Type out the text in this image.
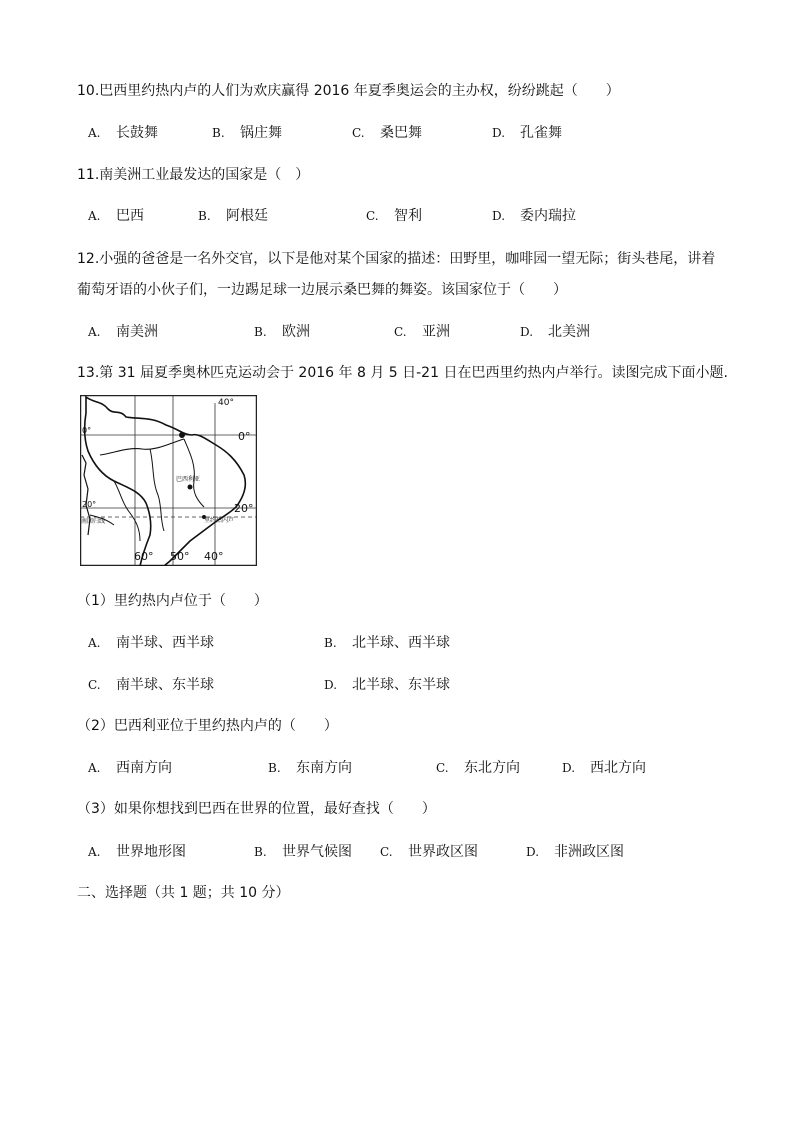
10.巴西里约热内卢的人们为欢庆赢得 2016 年夏季奥运会的主办权，纷纷跳起（　　）
A. 长鼓舞	B. 锅庄舞	C. 桑巴舞	D. 孔雀舞
11.南美洲工业最发达的国家是（　）
A. 巴西	B. 阿根廷	C. 智利	D. 委内瑞拉
12.小强的爸爸是一名外交官，以下是他对某个国家的描述：田野里，咖啡园一望无际；街头巷尾，讲着
葡萄牙语的小伙子们，一边踢足球一边展示桑巴舞的舞姿。该国家位于（　　）
A. 南美洲	B. 欧洲	C. 亚洲	D. 北美洲
13.第 31 届夏季奥林匹克运动会于 2016 年 8 月 5 日-21 日在巴西里约热内卢举行。读图完成下面小题.
40°
0°	0°
20°	20°
巴西利亚
里约热内卢
南回归线
60° 50° 40°
（1）里约热内卢位于（　　）
A. 南半球、西半球	B. 北半球、西半球
C. 南半球、东半球	D. 北半球、东半球
（2）巴西利亚位于里约热内卢的（　　）
A. 西南方向	B. 东南方向	C. 东北方向	D. 西北方向
（3）如果你想找到巴西在世界的位置，最好查找（　　）
A. 世界地形图	B. 世界气候图 C. 世界政区图	D. 非洲政区图
二、选择题（共 1 题；共 10 分）
